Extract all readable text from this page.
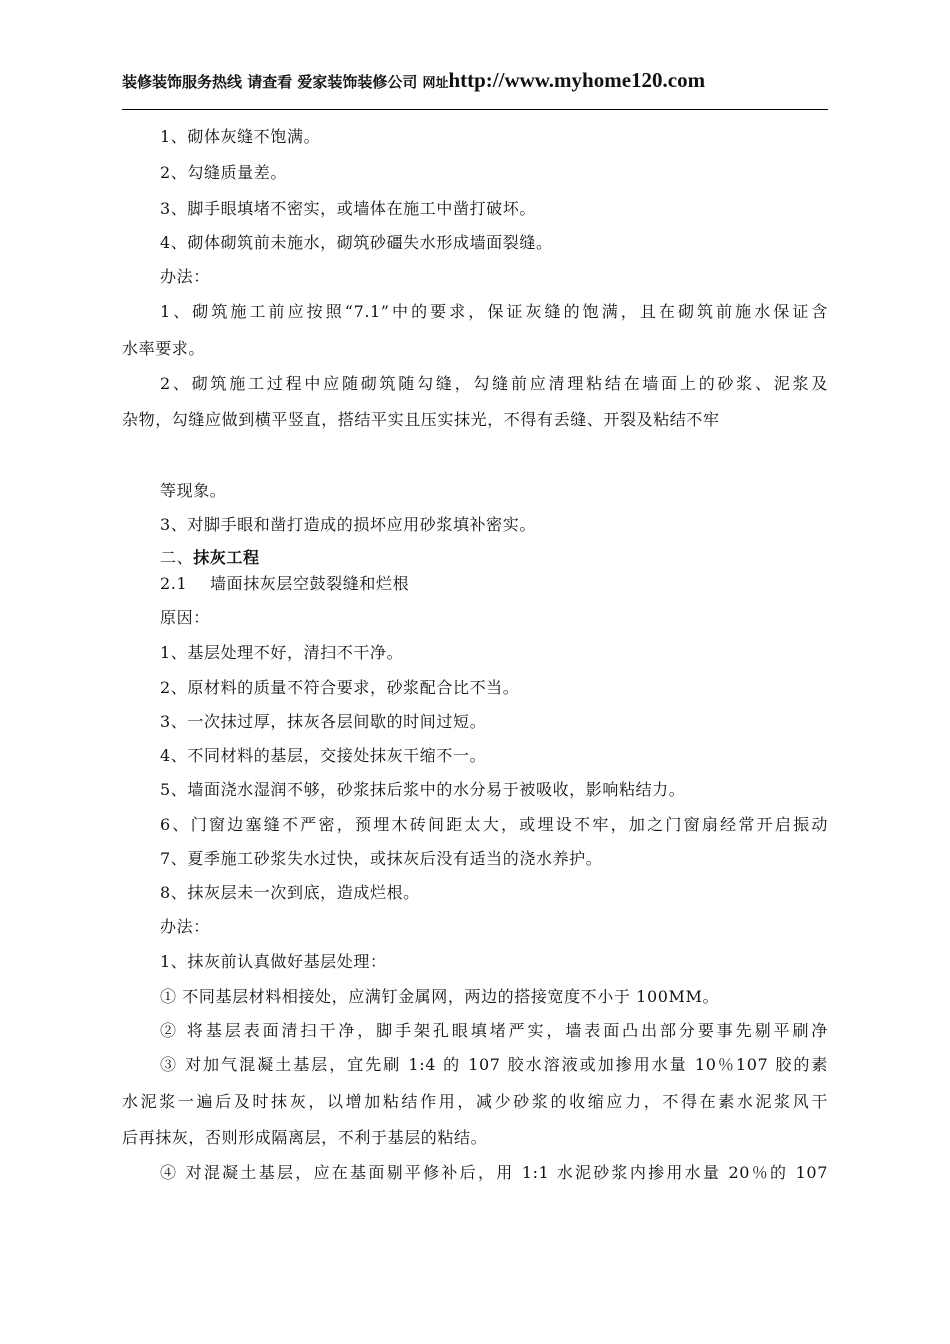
装修装饰服务热线 请查看 爱家装饰装修公司 网址http://www.myhome120.com
1、砌体灰缝不饱满。
2、勾缝质量差。
3、脚手眼填堵不密实，或墙体在施工中凿打破坏。
4、砌体砌筑前未施水，砌筑砂礓失水形成墙面裂缝。
办法：
1、砌筑施工前应按照“7.1”中的要求，保证灰缝的饱满，且在砌筑前施水保证含
水率要求。
2、砌筑施工过程中应随砌筑随勾缝，勾缝前应清理粘结在墙面上的砂浆、泥浆及
杂物，勾缝应做到横平竖直，搭结平实且压实抹光，不得有丢缝、开裂及粘结不牢
等现象。
3、对脚手眼和凿打造成的损坏应用砂浆填补密实。
二、抹灰工程
2.1    墙面抹灰层空鼓裂缝和烂根
原因：
1、基层处理不好，清扫不干净。
2、原材料的质量不符合要求，砂浆配合比不当。
3、一次抹过厚，抹灰各层间歇的时间过短。
4、不同材料的基层，交接处抹灰干缩不一。
5、墙面浇水湿润不够，砂浆抹后浆中的水分易于被吸收，影响粘结力。
6、门窗边塞缝不严密，预埋木砖间距太大，或埋设不牢，加之门窗扇经常开启振动
7、夏季施工砂浆失水过快，或抹灰后没有适当的浇水养护。
8、抹灰层未一次到底，造成烂根。
办法：
1、抹灰前认真做好基层处理：
① 不同基层材料相接处，应满钉金属网，两边的搭接宽度不小于 100MM。
② 将基层表面清扫干净，脚手架孔眼填堵严实，墙表面凸出部分要事先剔平刷净
③ 对加气混凝土基层，宜先刷 1:4 的 107 胶水溶液或加掺用水量 10％107 胶的素
水泥浆一遍后及时抹灰，以增加粘结作用，减少砂浆的收缩应力，不得在素水泥浆风干
后再抹灰，否则形成隔离层，不利于基层的粘结。
④ 对混凝土基层，应在基面剔平修补后，用 1:1 水泥砂浆内掺用水量 20％的 107
